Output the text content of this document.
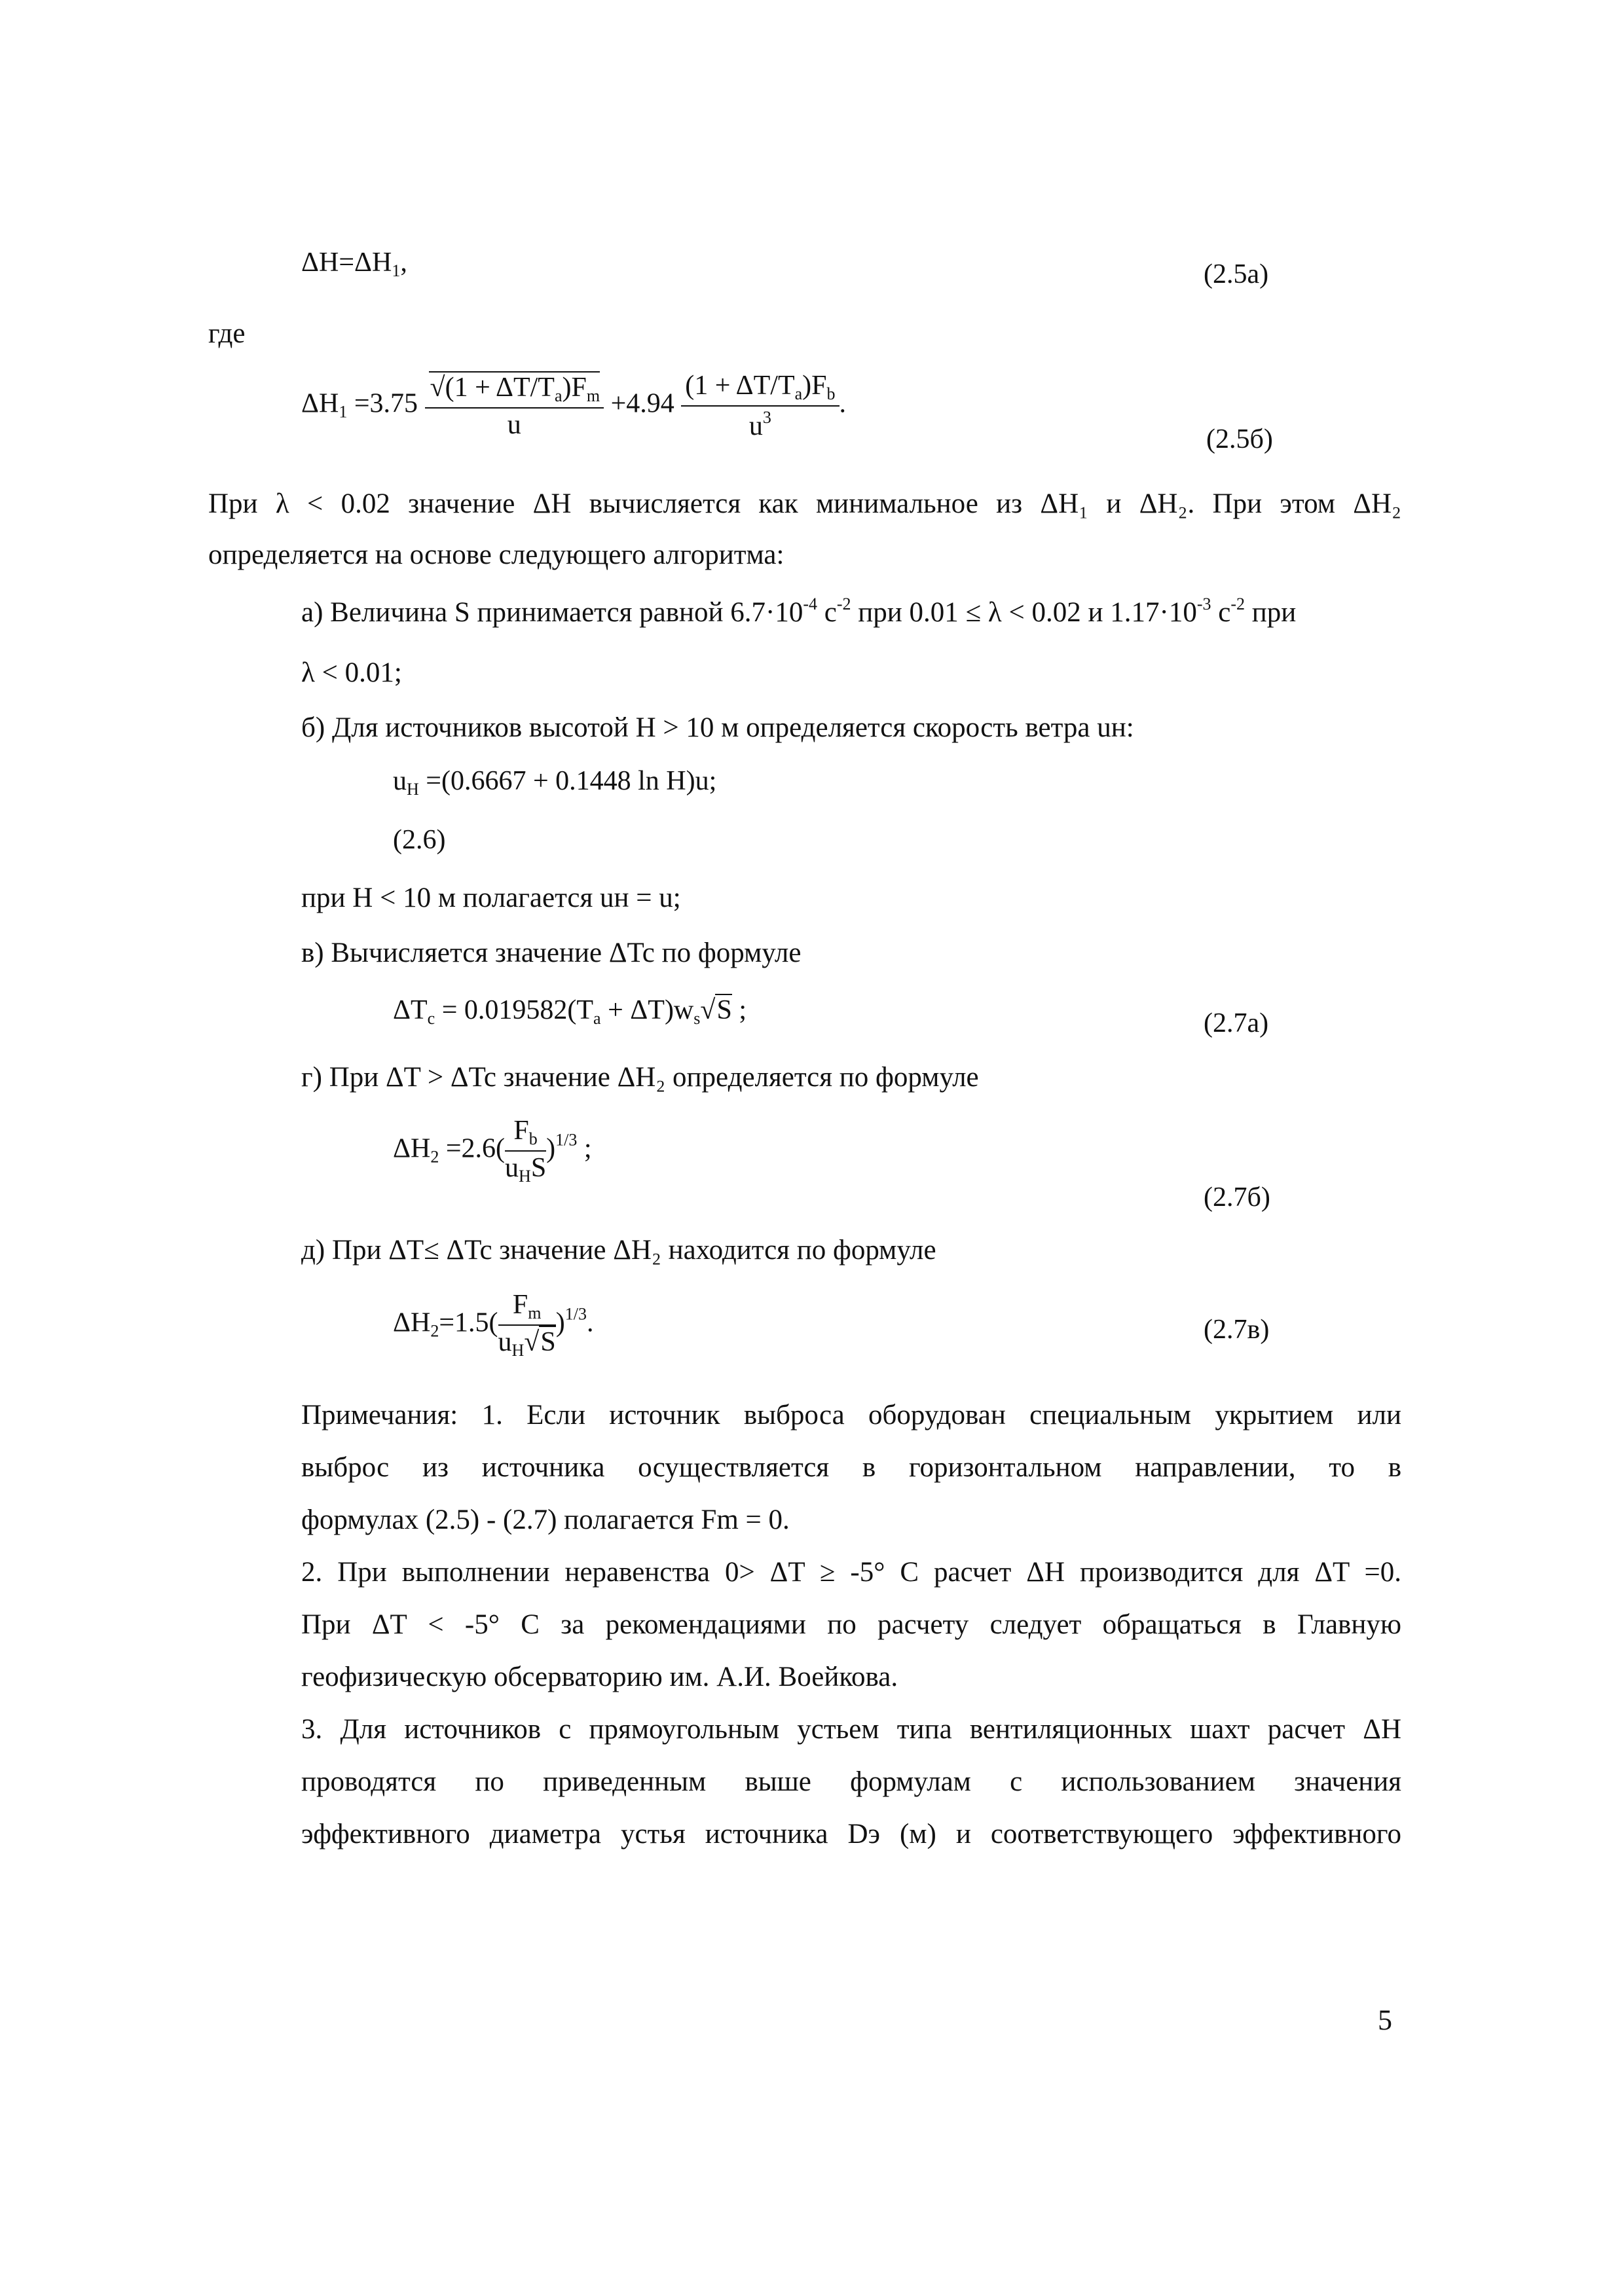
$\Delta H=\Delta H_1$,	(2.5а)
где
$\Delta H_1 =3.75 \frac{√(1 + \Delta T/T_a)F_m}{u} +4.94 \frac{(1 + \Delta T/T_a)F_b}{u^3}$ .
(2.5б)
При λ < 0.02 значение ΔH вычисляется как минимальное из ΔH₁ и ΔH₂. При этом ΔH₂
определяется на основе следующего алгоритма:
а) Величина S принимается равной $6.7\cdot 10^{-4}$ $с^{-2}$ при 0.01 ≤ λ < 0.02 и $1.17\cdot 10^{-3}$ $с^{-2}$ при
λ < 0.01;
б) Для источников высотой H > 10 м определяется скорость ветра uн:
$u_H =(0.6667 + 0.1448$ ln H)u;
(2.6)
при H < 10 м полагается uн = u;
в) Вычисляется значение ΔTc по формуле
$\Delta T_c = 0.019582(T_a + \Delta T)w_s√S$ ;	(2.7а)
г) При ΔT > ΔTc значение ΔH₂ определяется по формуле
$\Delta H_2 =2.6( \frac{F_b}{u_HS} )^{1/3}$ ;
(2.7б)
д) При ΔT≤ ΔTc значение ΔH₂ находится по формуле
$\Delta H_2=1.5( \frac{F_m}{u_H√S} )^{1/3}$.	(2.7в)
Примечания: 1. Если источник выброса оборудован специальным укрытием или
выброс из источника осуществляется в горизонтальном направлении, то в
формулах (2.5) - (2.7) полагается Fm = 0.
2. При выполнении неравенства 0> ΔT ≥ -5° C расчет ΔH производится для ΔT =0.
При ΔT < -5° C за рекомендациями по расчету следует обращаться в Главную
геофизическую обсерваторию им. А.И. Воейкова.
3. Для источников с прямоугольным устьем типа вентиляционных шахт расчет ΔH
проводятся по приведенным выше формулам с использованием значения
эффективного диаметра устья источника Dэ (м) и соответствующего эффективного
5
